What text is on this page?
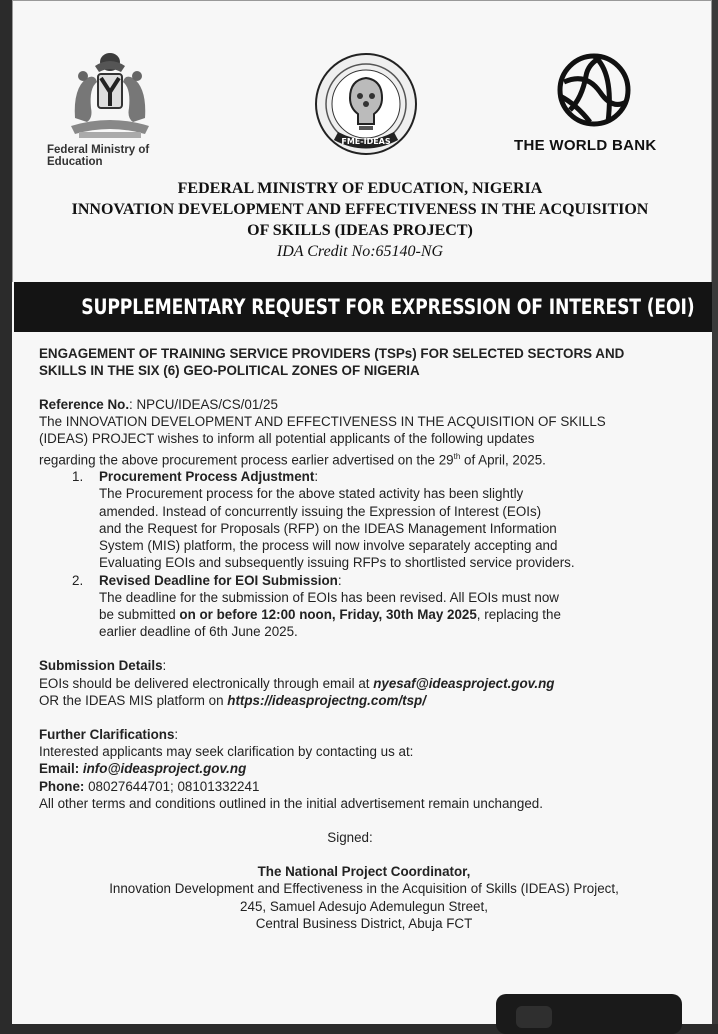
Federal Ministry of Education
FME-IDEAS	THE WORLD BANK
FEDERAL MINISTRY OF EDUCATION, NIGERIA
INNOVATION DEVELOPMENT AND EFFECTIVENESS IN THE ACQUISITION
OF SKILLS (IDEAS PROJECT)
IDA Credit No:65140-NG
SUPPLEMENTARY REQUEST FOR EXPRESSION OF INTEREST (EOI)
ENGAGEMENT OF TRAINING SERVICE PROVIDERS (TSPs) FOR SELECTED SECTORS AND
SKILLS IN THE SIX (6) GEO-POLITICAL ZONES OF NIGERIA
Reference No.: NPCU/IDEAS/CS/01/25
The INNOVATION DEVELOPMENT AND EFFECTIVENESS IN THE ACQUISITION OF SKILLS
(IDEAS) PROJECT wishes to inform all potential applicants of the following updates
regarding the above procurement process earlier advertised on the 29th of April, 2025.
1. Procurement Process Adjustment:
The Procurement process for the above stated activity has been slightly
amended. Instead of concurrently issuing the Expression of Interest (EOIs)
and the Request for Proposals (RFP) on the IDEAS Management Information
System (MIS) platform, the process will now involve separately accepting and
Evaluating EOIs and subsequently issuing RFPs to shortlisted service providers.
2. Revised Deadline for EOI Submission:
The deadline for the submission of EOIs has been revised. All EOIs must now
be submitted on or before 12:00 noon, Friday, 30th May 2025, replacing the
earlier deadline of 6th June 2025.
Submission Details:
EOIs should be delivered electronically through email at nyesaf@ideasproject.gov.ng
OR the IDEAS MIS platform on https://ideasprojectng.com/tsp/
Further Clarifications:
Interested applicants may seek clarification by contacting us at:
Email: info@ideasproject.gov.ng
Phone: 08027644701; 08101332241
All other terms and conditions outlined in the initial advertisement remain unchanged.
Signed:
The National Project Coordinator,
Innovation Development and Effectiveness in the Acquisition of Skills (IDEAS) Project,
245, Samuel Adesujo Ademulegun Street,
Central Business District, Abuja FCT
